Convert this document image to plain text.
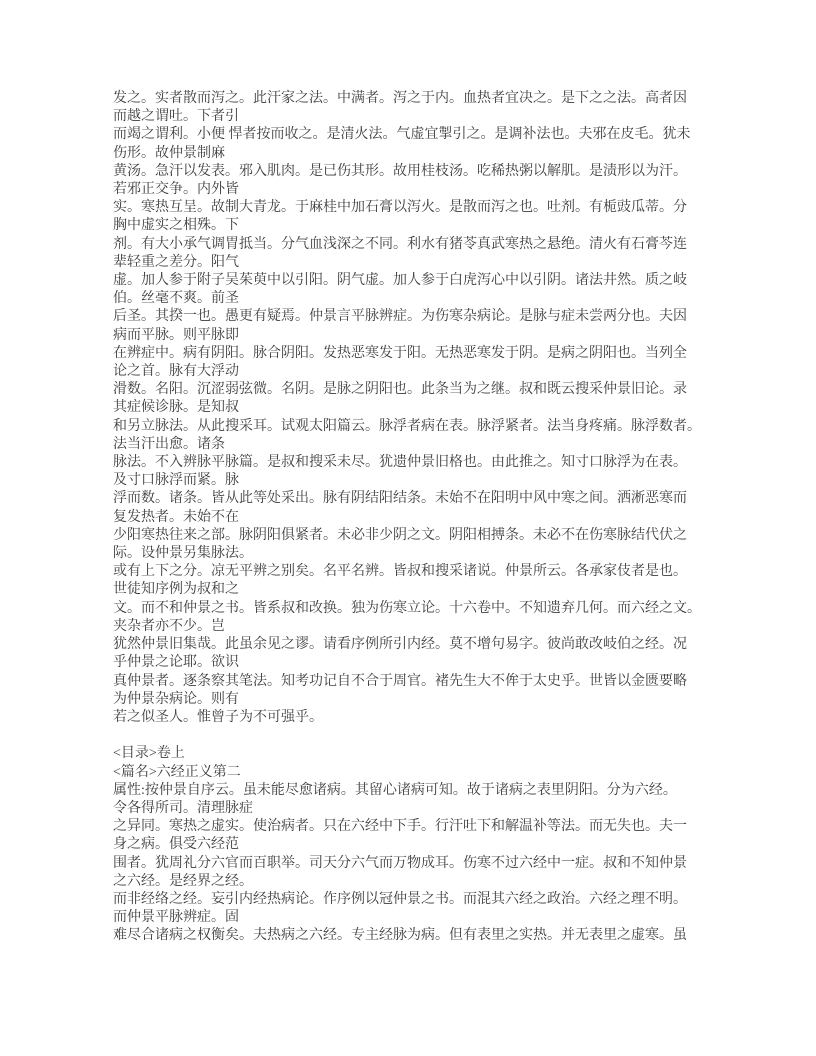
发之。实者散而泻之。此汗家之法。中满者。泻之于内。血热者宜决之。是下之之法。高者因
而越之谓吐。下者引
而竭之谓利。小便 悍者按而收之。是清火法。气虚宜掣引之。是调补法也。夫邪在皮毛。犹未
伤形。故仲景制麻
黄汤。急汗以发表。邪入肌肉。是已伤其形。故用桂枝汤。吃稀热粥以解肌。是渍形以为汗。
若邪正交争。内外皆
实。寒热互呈。故制大青龙。于麻桂中加石膏以泻火。是散而泻之也。吐剂。有栀豉瓜蒂。分
胸中虚实之相殊。下
剂。有大小承气调胃抵当。分气血浅深之不同。利水有猪苓真武寒热之悬绝。清火有石膏芩连
辈轻重之差分。阳气
虚。加人参于附子吴茱萸中以引阳。阴气虚。加人参于白虎泻心中以引阴。诸法井然。质之岐
伯。丝毫不爽。前圣
后圣。其揆一也。愚更有疑焉。仲景言平脉辨症。为伤寒杂病论。是脉与症未尝两分也。夫因
病而平脉。则平脉即
在辨症中。病有阴阳。脉合阴阳。发热恶寒发于阳。无热恶寒发于阴。是病之阴阳也。当列全
论之首。脉有大浮动
滑数。名阳。沉涩弱弦微。名阴。是脉之阴阳也。此条当为之继。叔和既云搜采仲景旧论。录
其症候诊脉。是知叔
和另立脉法。从此搜采耳。试观太阳篇云。脉浮者病在表。脉浮紧者。法当身疼痛。脉浮数者。
法当汗出愈。诸条
脉法。不入辨脉平脉篇。是叔和搜采未尽。犹遗仲景旧格也。由此推之。知寸口脉浮为在表。
及寸口脉浮而紧。脉
浮而数。诸条。皆从此等处采出。脉有阴结阳结条。未始不在阳明中风中寒之间。洒淅恶寒而
复发热者。未始不在
少阳寒热往来之部。脉阴阳俱紧者。未必非少阴之文。阴阳相搏条。未必不在伤寒脉结代伏之
际。设仲景另集脉法。
或有上下之分。凉无平辨之别矣。名平名辨。皆叔和搜采诸说。仲景所云。各承家伎者是也。
世徒知序例为叔和之
文。而不和仲景之书。皆系叔和改换。独为伤寒立论。十六卷中。不知遗弃几何。而六经之文。
夹杂者亦不少。岂
犹然仲景旧集哉。此虽余见之谬。请看序例所引内经。莫不增句易字。彼尚敢改岐伯之经。况
乎仲景之论耶。欲识
真仲景者。逐条察其笔法。知考功记自不合于周官。褚先生大不侔于太史乎。世皆以金匮要略
为仲景杂病论。则有
若之似圣人。惟曾子为不可强乎。

<目录>卷上
<篇名>六经正义第二
属性:按仲景自序云。虽未能尽愈诸病。其留心诸病可知。故于诸病之表里阴阳。分为六经。
令各得所司。清理脉症
之异同。寒热之虚实。使治病者。只在六经中下手。行汗吐下和解温补等法。而无失也。夫一
身之病。俱受六经范
围者。犹周礼分六官而百职举。司天分六气而万物成耳。伤寒不过六经中一症。叔和不知仲景
之六经。是经界之经。
而非经络之经。妄引内经热病论。作序例以冠仲景之书。而混其六经之政治。六经之理不明。
而仲景平脉辨症。固
难尽合诸病之权衡矣。夫热病之六经。专主经脉为病。但有表里之实热。并无表里之虚寒。虽
